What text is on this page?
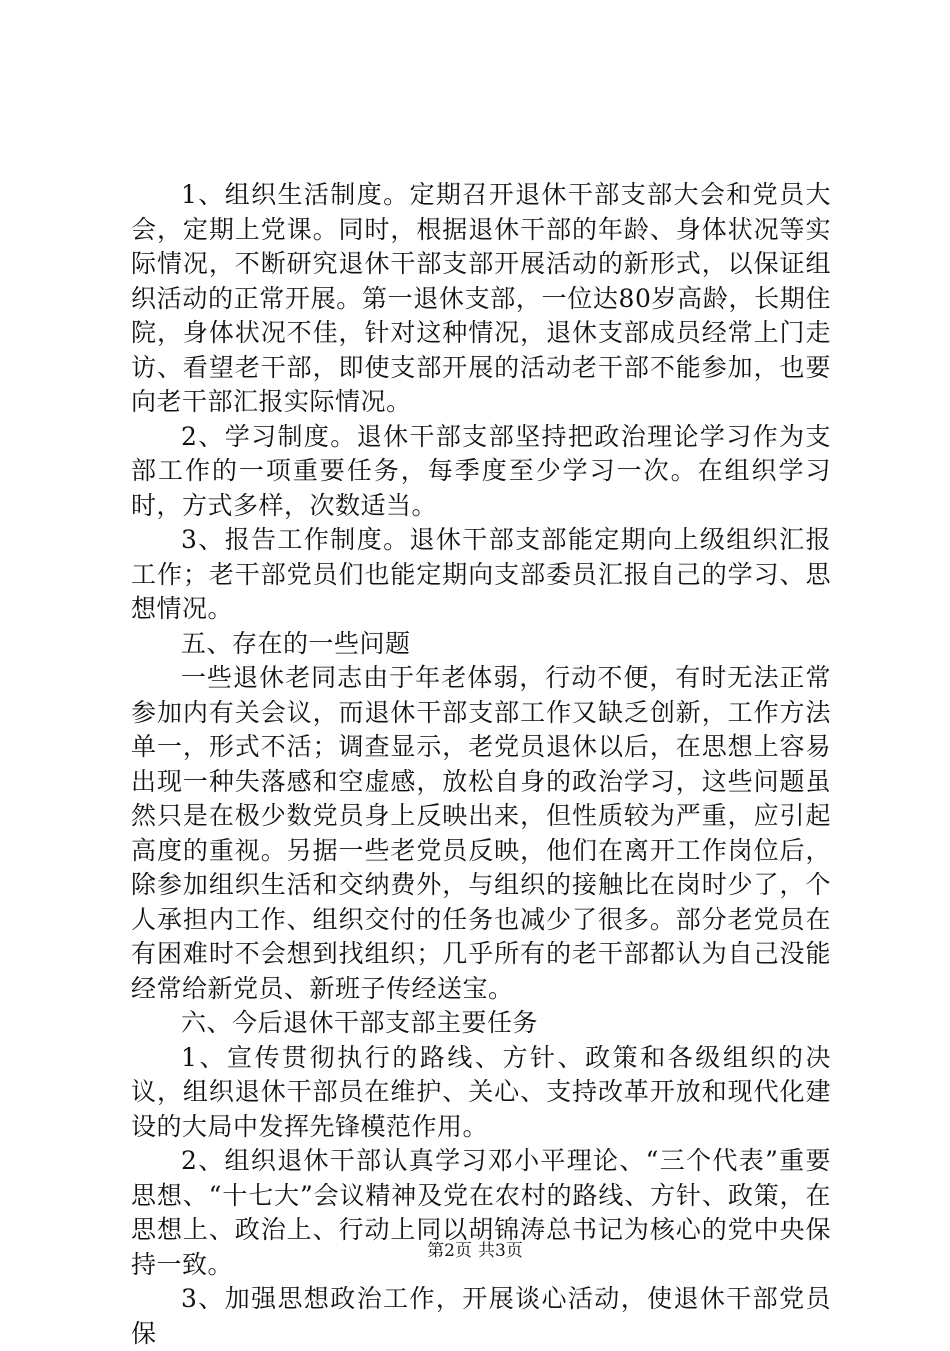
1、组织生活制度。定期召开退休干部支部大会和党员大会，定期上党课。同时，根据退休干部的年龄、身体状况等实际情况，不断研究退休干部支部开展活动的新形式，以保证组织活动的正常开展。第一退休支部，一位达80岁高龄，长期住院，身体状况不佳，针对这种情况，退休支部成员经常上门走访、看望老干部，即使支部开展的活动老干部不能参加，也要向老干部汇报实际情况。

2、学习制度。退休干部支部坚持把政治理论学习作为支部工作的一项重要任务，每季度至少学习一次。在组织学习时，方式多样，次数适当。

3、报告工作制度。退休干部支部能定期向上级组织汇报工作；老干部党员们也能定期向支部委员汇报自己的学习、思想情况。

五、存在的一些问题

一些退休老同志由于年老体弱，行动不便，有时无法正常参加内有关会议，而退休干部支部工作又缺乏创新，工作方法单一，形式不活；调查显示，老党员退休以后，在思想上容易出现一种失落感和空虚感，放松自身的政治学习，这些问题虽然只是在极少数党员身上反映出来，但性质较为严重，应引起高度的重视。另据一些老党员反映，他们在离开工作岗位后，除参加组织生活和交纳费外，与组织的接触比在岗时少了，个人承担内工作、组织交付的任务也减少了很多。部分老党员在有困难时不会想到找组织；几乎所有的老干部都认为自己没能经常给新党员、新班子传经送宝。

六、今后退休干部支部主要任务

1、宣传贯彻执行的路线、方针、政策和各级组织的决议，组织退休干部员在维护、关心、支持改革开放和现代化建设的大局中发挥先锋模范作用。

2、组织退休干部认真学习邓小平理论、“三个代表”重要思想、“十七大”会议精神及党在农村的路线、方针、政策，在思想上、政治上、行动上同以胡锦涛总书记为核心的党中央保持一致。

3、加强思想政治工作，开展谈心活动，使退休干部党员保

第2页 共3页
